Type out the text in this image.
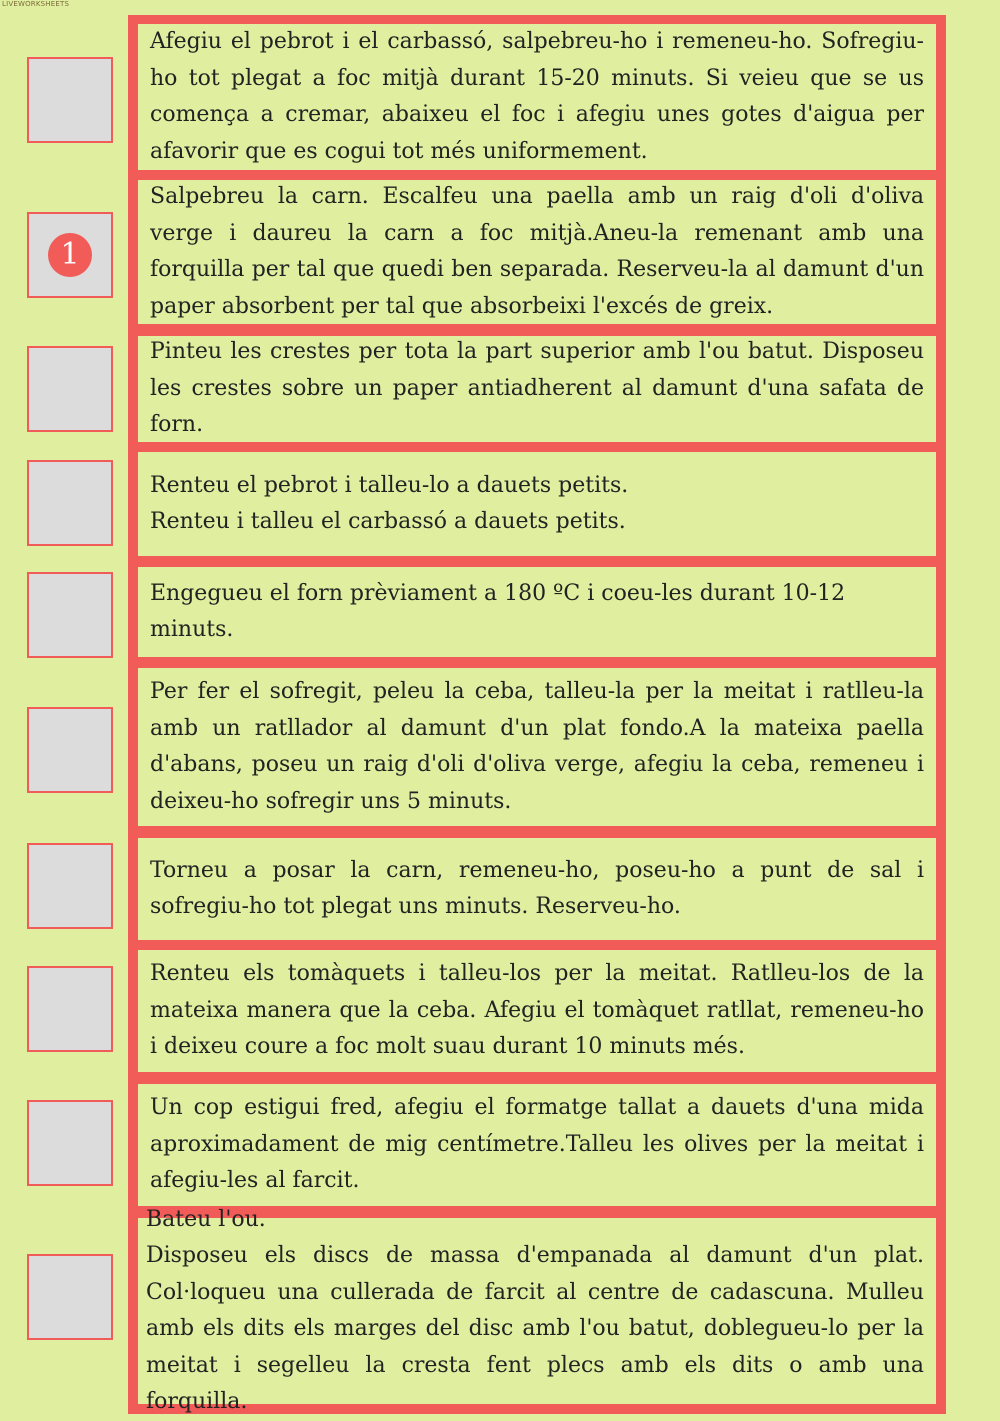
LIVEWORKSHEETS

Afegiu el pebrot i el carbassó, salpebreu-ho i remeneu-ho. Sofregiu-ho tot plegat a foc mitjà durant 15-20 minuts. Si veieu que se us comença a cremar, abaixeu el foc i afegiu unes gotes d'aigua per afavorir que es cogui tot més uniformement.

1

Salpebreu la carn. Escalfeu una paella amb un raig d'oli d'oliva verge i daureu la carn a foc mitjà.Aneu-la remenant amb una forquilla per tal que quedi ben separada. Reserveu-la al damunt d'un paper absorbent per tal que absorbeixi l'excés de greix.

Pinteu les crestes per tota la part superior amb l'ou batut. Disposeu les crestes sobre un paper antiadherent al damunt d'una safata de forn.

Renteu el pebrot i talleu-lo a dauets petits.
Renteu i talleu el carbassó a dauets petits.

Engegueu el forn prèviament a 180 ºC i coeu-les durant 10-12 minuts.

Per fer el sofregit, peleu la ceba, talleu-la per la meitat i ratlleu-la amb un ratllador al damunt d'un plat fondo.A la mateixa paella d'abans, poseu un raig d'oli d'oliva verge, afegiu la ceba, remeneu i deixeu-ho sofregir uns 5 minuts.

Torneu a posar la carn, remeneu-ho, poseu-ho a punt de sal i sofregiu-ho tot plegat uns minuts. Reserveu-ho.

Renteu els tomàquets i talleu-los per la meitat. Ratlleu-los de la mateixa manera que la ceba. Afegiu el tomàquet ratllat, remeneu-ho i deixeu coure a foc molt suau durant 10 minuts més.

Un cop estigui fred, afegiu el formatge tallat a dauets d'una mida aproximadament de mig centímetre.Talleu les olives per la meitat i afegiu-les al farcit.

Bateu l'ou.
Disposeu els discs de massa d'empanada al damunt d'un plat. Col·loqueu una cullerada de farcit al centre de cadascuna. Mulleu amb els dits els marges del disc amb l'ou batut, doblegueu-lo per la meitat i segelleu la cresta fent plecs amb els dits o amb una forquilla.
